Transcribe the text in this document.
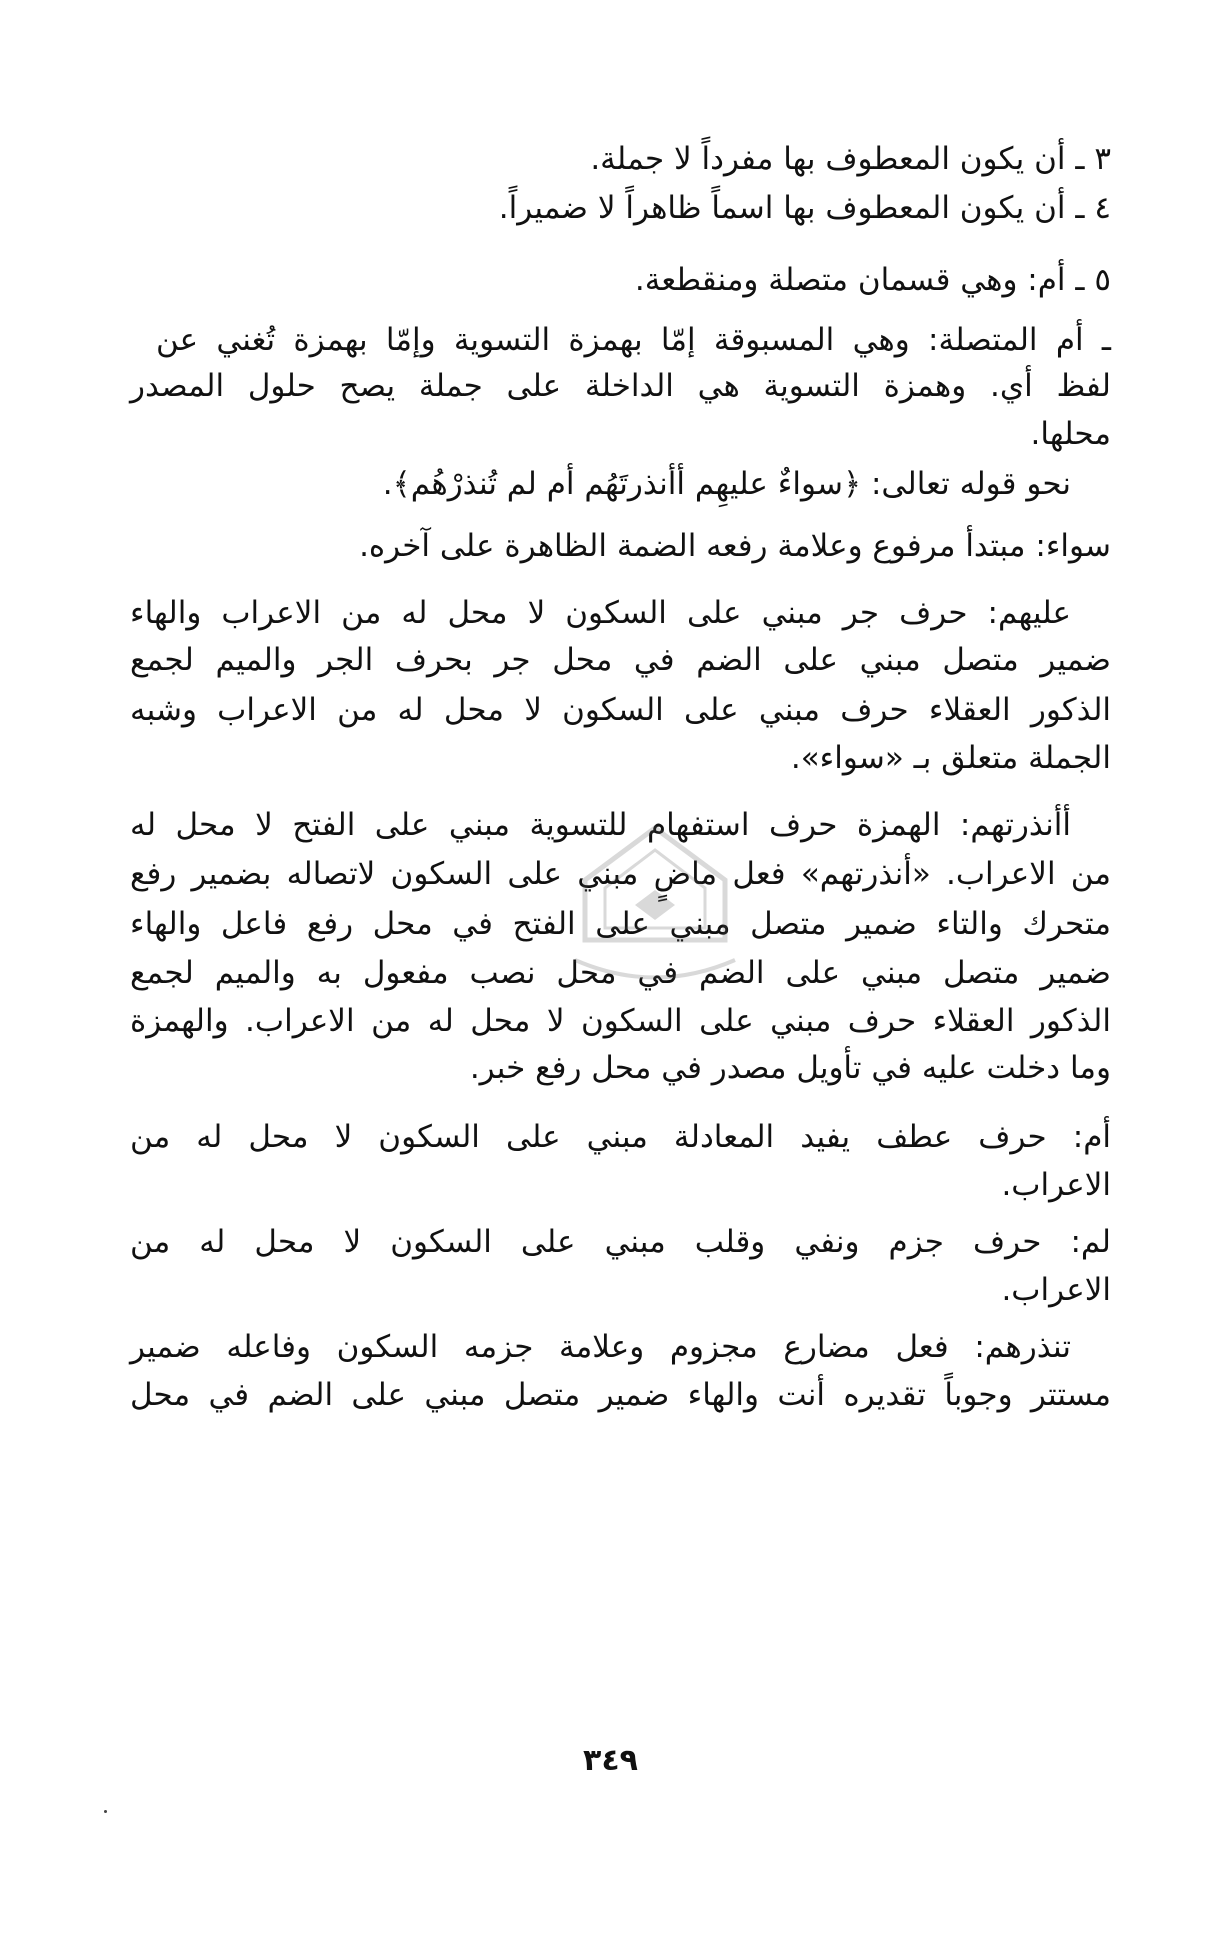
٣ ـ أن يكون المعطوف بها مفرداً لا جملة.
٤ ـ أن يكون المعطوف بها اسماً ظاهراً لا ضميراً.
٥ ـ أم: وهي قسمان متصلة ومنقطعة.
ـ أم المتصلة: وهي المسبوقة إمّا بهمزة التسوية وإمّا بهمزة تُغني عن
لفظ أي. وهمزة التسوية هي الداخلة على جملة يصح حلول المصدر
محلها.
نحو قوله تعالى: ﴿سواءٌ عليهِم أأنذرتَهُم أم لم تُنذرْهُم﴾.
سواء: مبتدأ مرفوع وعلامة رفعه الضمة الظاهرة على آخره.
عليهم: حرف جر مبني على السكون لا محل له من الاعراب والهاء
ضمير متصل مبني على الضم في محل جر بحرف الجر والميم لجمع
الذكور العقلاء حرف مبني على السكون لا محل له من الاعراب وشبه
الجملة متعلق بـ «سواء».
أأنذرتهم: الهمزة حرف استفهام للتسوية مبني على الفتح لا محل له
من الاعراب. «أنذرتهم» فعل ماضٍ مبني على السكون لاتصاله بضمير رفع
متحرك والتاء ضمير متصل مبني على الفتح في محل رفع فاعل والهاء
ضمير متصل مبني على الضم في محل نصب مفعول به والميم لجمع
الذكور العقلاء حرف مبني على السكون لا محل له من الاعراب. والهمزة
وما دخلت عليه في تأويل مصدر في محل رفع خبر.
أم: حرف عطف يفيد المعادلة مبني على السكون لا محل له من
الاعراب.
لم: حرف جزم ونفي وقلب مبني على السكون لا محل له من
الاعراب.
تنذرهم: فعل مضارع مجزوم وعلامة جزمه السكون وفاعله ضمير
مستتر وجوباً تقديره أنت والهاء ضمير متصل مبني على الضم في محل
٣٤٩
